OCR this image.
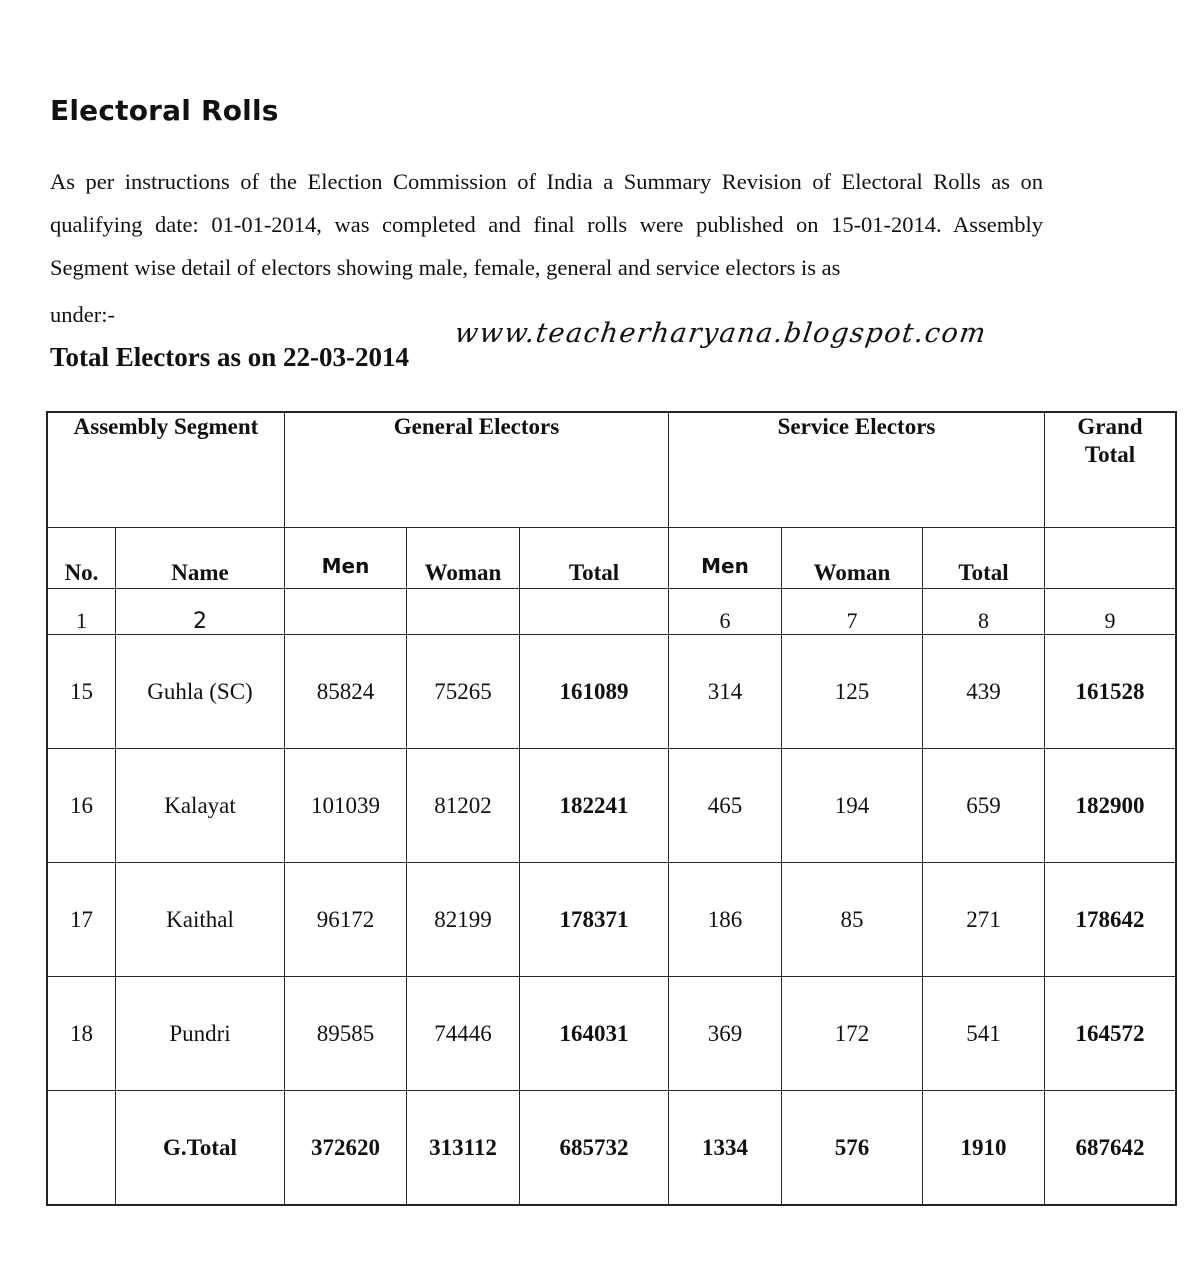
Electoral Rolls

As per instructions of the Election Commission of India a Summary Revision of Electoral Rolls as on qualifying date: 01-01-2014, was completed and final rolls were published on 15-01-2014. Assembly Segment wise detail of electors showing male, female, general and service electors is as
under:-

Total Electors as on 22-03-2014
www.teacherharyana.blogspot.com
Assembly Segment		General Electors			Service Electors			Grand
Total
No.	Name	Men	Woman	Total	Men	Woman	Total	
1	2				6	7	8	9
15	Guhla (SC)	85824	75265	161089	314	125	439	161528
16	Kalayat	101039	81202	182241	465	194	659	182900
17	Kaithal	96172	82199	178371	186	85	271	178642
18	Pundri	89585	74446	164031	369	172	541	164572
	G.Total	372620	313112	685732	1334	576	1910	687642
